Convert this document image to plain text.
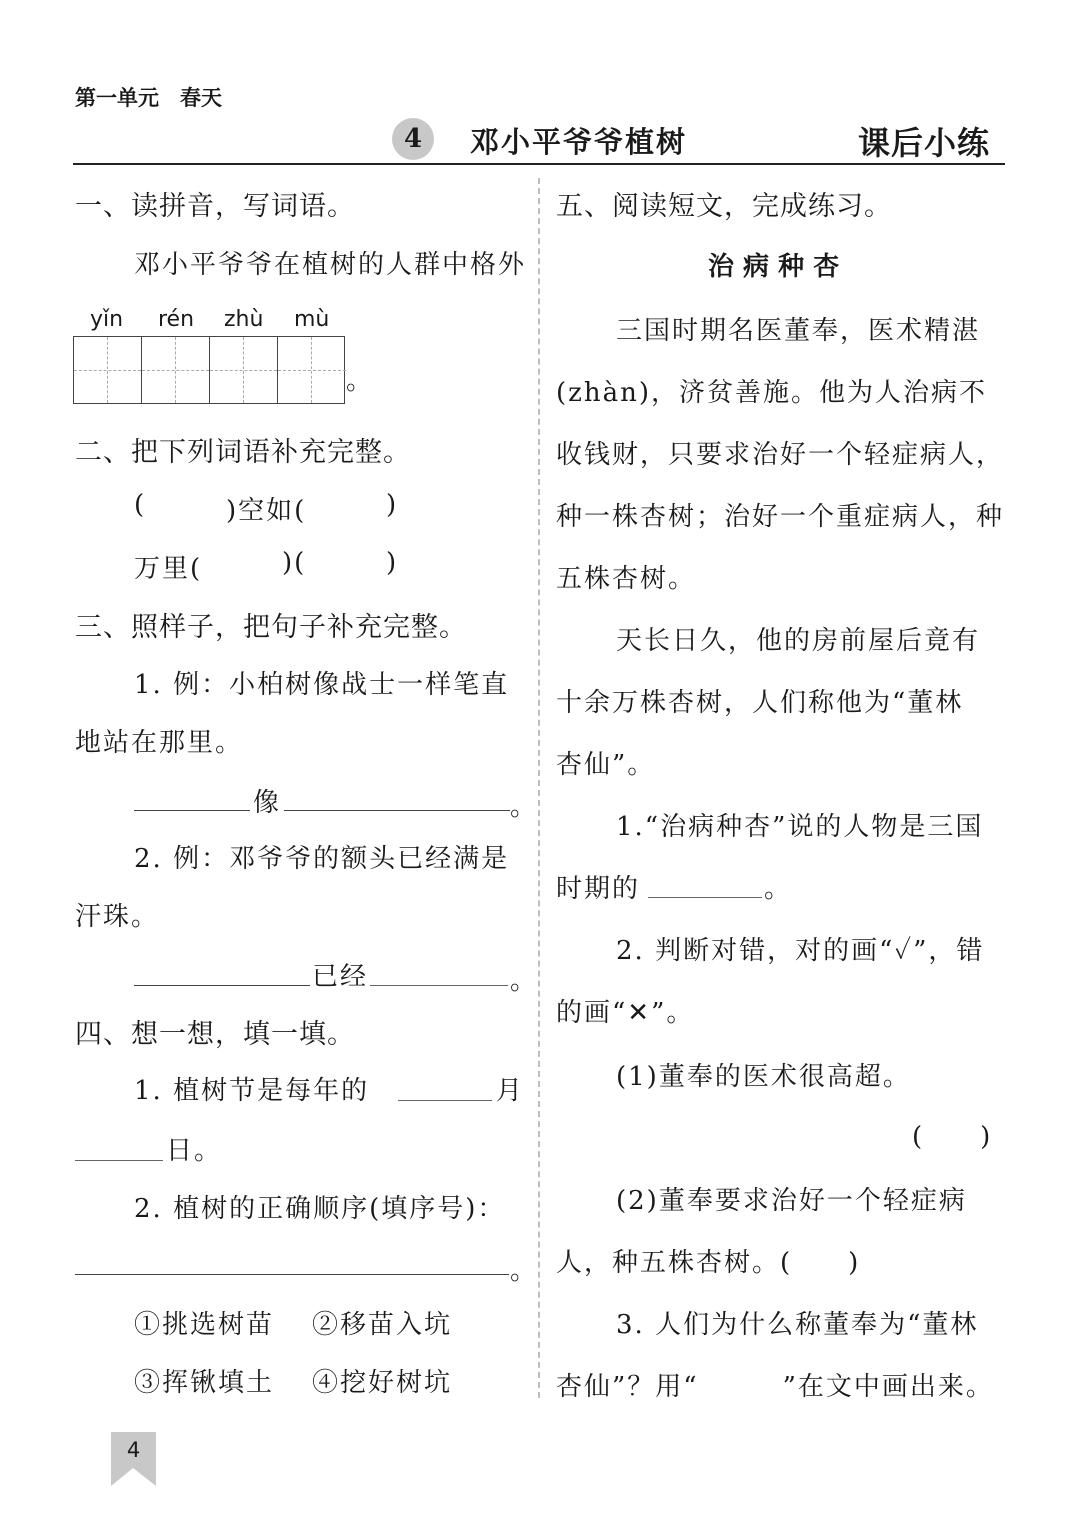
第一单元　春天
4	邓小平爷爷植树	课后小练
一、读拼音，写词语。
邓小平爷爷在植树的人群中格外
yǐn rén zhù mù
。
二、把下列词语补充完整。
(	)空如(	)
万里(	)(	)
三、照样子，把句子补充完整。
1. 例：小柏树像战士一样笔直
地站在那里。
像	。
2. 例：邓爷爷的额头已经满是
汗珠。
已经	。
四、想一想，填一填。
1. 植树节是每年的	月
日。
2. 植树的正确顺序(填序号)：
。
①挑选树苗 ②移苗入坑
③挥锹填土 ④挖好树坑
五、阅读短文，完成练习。
治 病 种 杏
三国时期名医董奉，医术精湛
(zhàn)，济贫善施。他为人治病不
收钱财，只要求治好一个轻症病人，
种一株杏树；治好一个重症病人，种
五株杏树。
天长日久，他的房前屋后竟有
十余万株杏树，人们称他为“董林
杏仙”。
1.“治病种杏”说的人物是三国
时期的	。
2. 判断对错，对的画“✓”，错
的画“✕”。
(1)董奉的医术很高超。
(　　)
(2)董奉要求治好一个轻症病
人，种五株杏树。(　　)
3. 人们为什么称董奉为“董林
杏仙”？用“　　　”在文中画出来。
4
